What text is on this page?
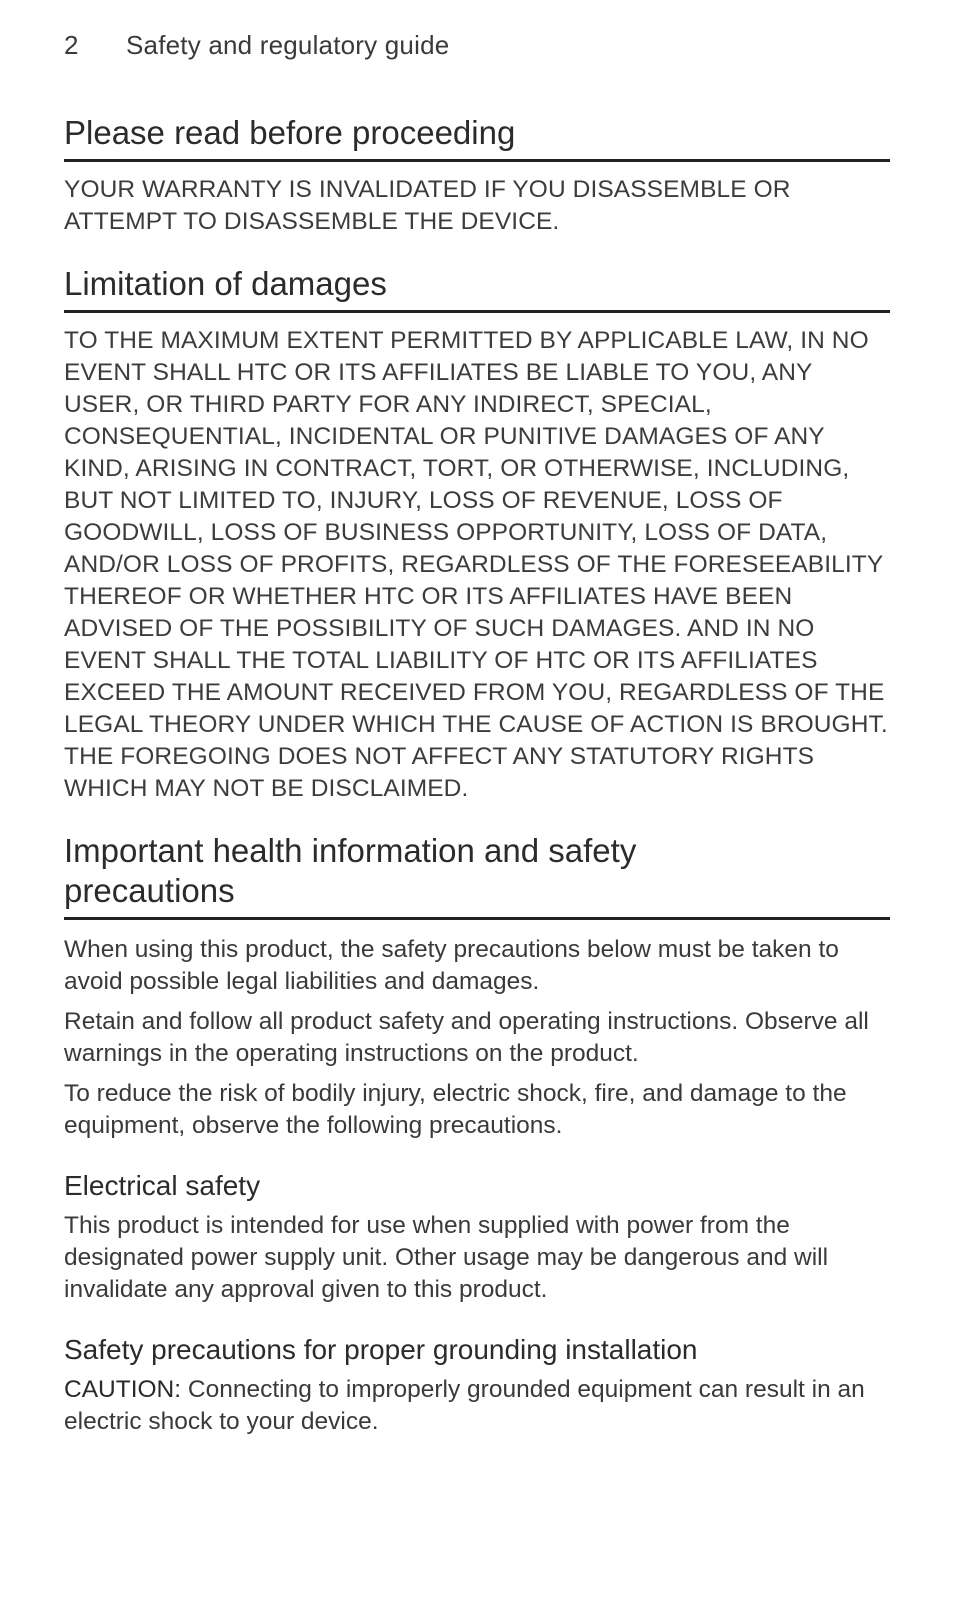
2 Safety and regulatory guide
Please read before proceeding

YOUR WARRANTY IS INVALIDATED IF YOU DISASSEMBLE OR ATTEMPT TO DISASSEMBLE THE DEVICE.

Limitation of damages

TO THE MAXIMUM EXTENT PERMITTED BY APPLICABLE LAW, IN NO EVENT SHALL HTC OR ITS AFFILIATES BE LIABLE TO YOU, ANY USER, OR THIRD PARTY FOR ANY INDIRECT, SPECIAL, CONSEQUENTIAL, INCIDENTAL OR PUNITIVE DAMAGES OF ANY KIND, ARISING IN CONTRACT, TORT, OR OTHERWISE, INCLUDING, BUT NOT LIMITED TO, INJURY, LOSS OF REVENUE, LOSS OF GOODWILL, LOSS OF BUSINESS OPPORTUNITY, LOSS OF DATA, AND/OR LOSS OF PROFITS, REGARDLESS OF THE FORESEEABILITY THEREOF OR WHETHER HTC OR ITS AFFILIATES HAVE BEEN ADVISED OF THE POSSIBILITY OF SUCH DAMAGES. AND IN NO EVENT SHALL THE TOTAL LIABILITY OF HTC OR ITS AFFILIATES EXCEED THE AMOUNT RECEIVED FROM YOU, REGARDLESS OF THE LEGAL THEORY UNDER WHICH THE CAUSE OF ACTION IS BROUGHT. THE FOREGOING DOES NOT AFFECT ANY STATUTORY RIGHTS WHICH MAY NOT BE DISCLAIMED.

Important health information and safety
precautions

When using this product, the safety precautions below must be taken to avoid possible legal liabilities and damages.

Retain and follow all product safety and operating instructions. Observe all warnings in the operating instructions on the product.

To reduce the risk of bodily injury, electric shock, fire, and damage to the equipment, observe the following precautions.

Electrical safety

This product is intended for use when supplied with power from the designated power supply unit. Other usage may be dangerous and will invalidate any approval given to this product.

Safety precautions for proper grounding installation

CAUTION: Connecting to improperly grounded equipment can result in an electric shock to your device.
